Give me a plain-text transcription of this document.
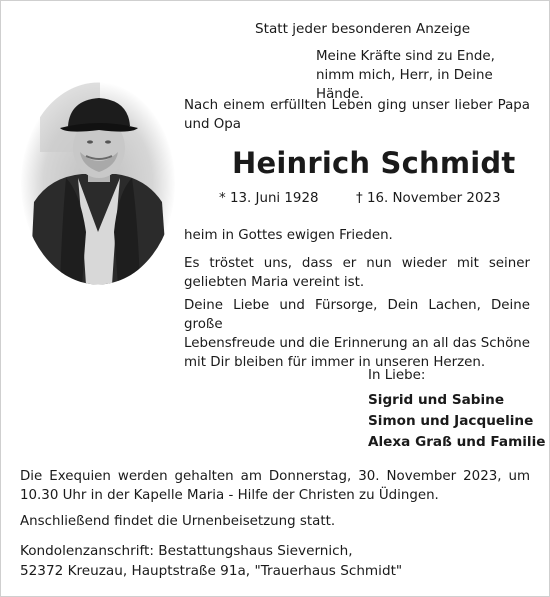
Statt jeder besonderen Anzeige
Meine Kräfte sind zu Ende,
nimm mich, Herr, in Deine Hände.
Nach einem erfüllten Leben ging unser lieber Papa
und Opa
Heinrich Schmidt
* 13. Juni 1928	† 16. November 2023
heim in Gottes ewigen Frieden.
Es tröstet uns, dass er nun wieder mit seiner
geliebten Maria vereint ist.
Deine Liebe und Fürsorge, Dein Lachen, Deine große
Lebensfreude und die Erinnerung an all das Schöne
mit Dir bleiben für immer in unseren Herzen.
In Liebe:
Sigrid und Sabine
Simon und Jacqueline
Alexa Graß und Familie
Die Exequien werden gehalten am Donnerstag, 30. November 2023, um
10.30 Uhr in der Kapelle Maria - Hilfe der Christen zu Üdingen.
Anschließend findet die Urnenbeisetzung statt.
Kondolenzanschrift: Bestattungshaus Sievernich,
52372 Kreuzau, Hauptstraße 91a, "Trauerhaus Schmidt"
